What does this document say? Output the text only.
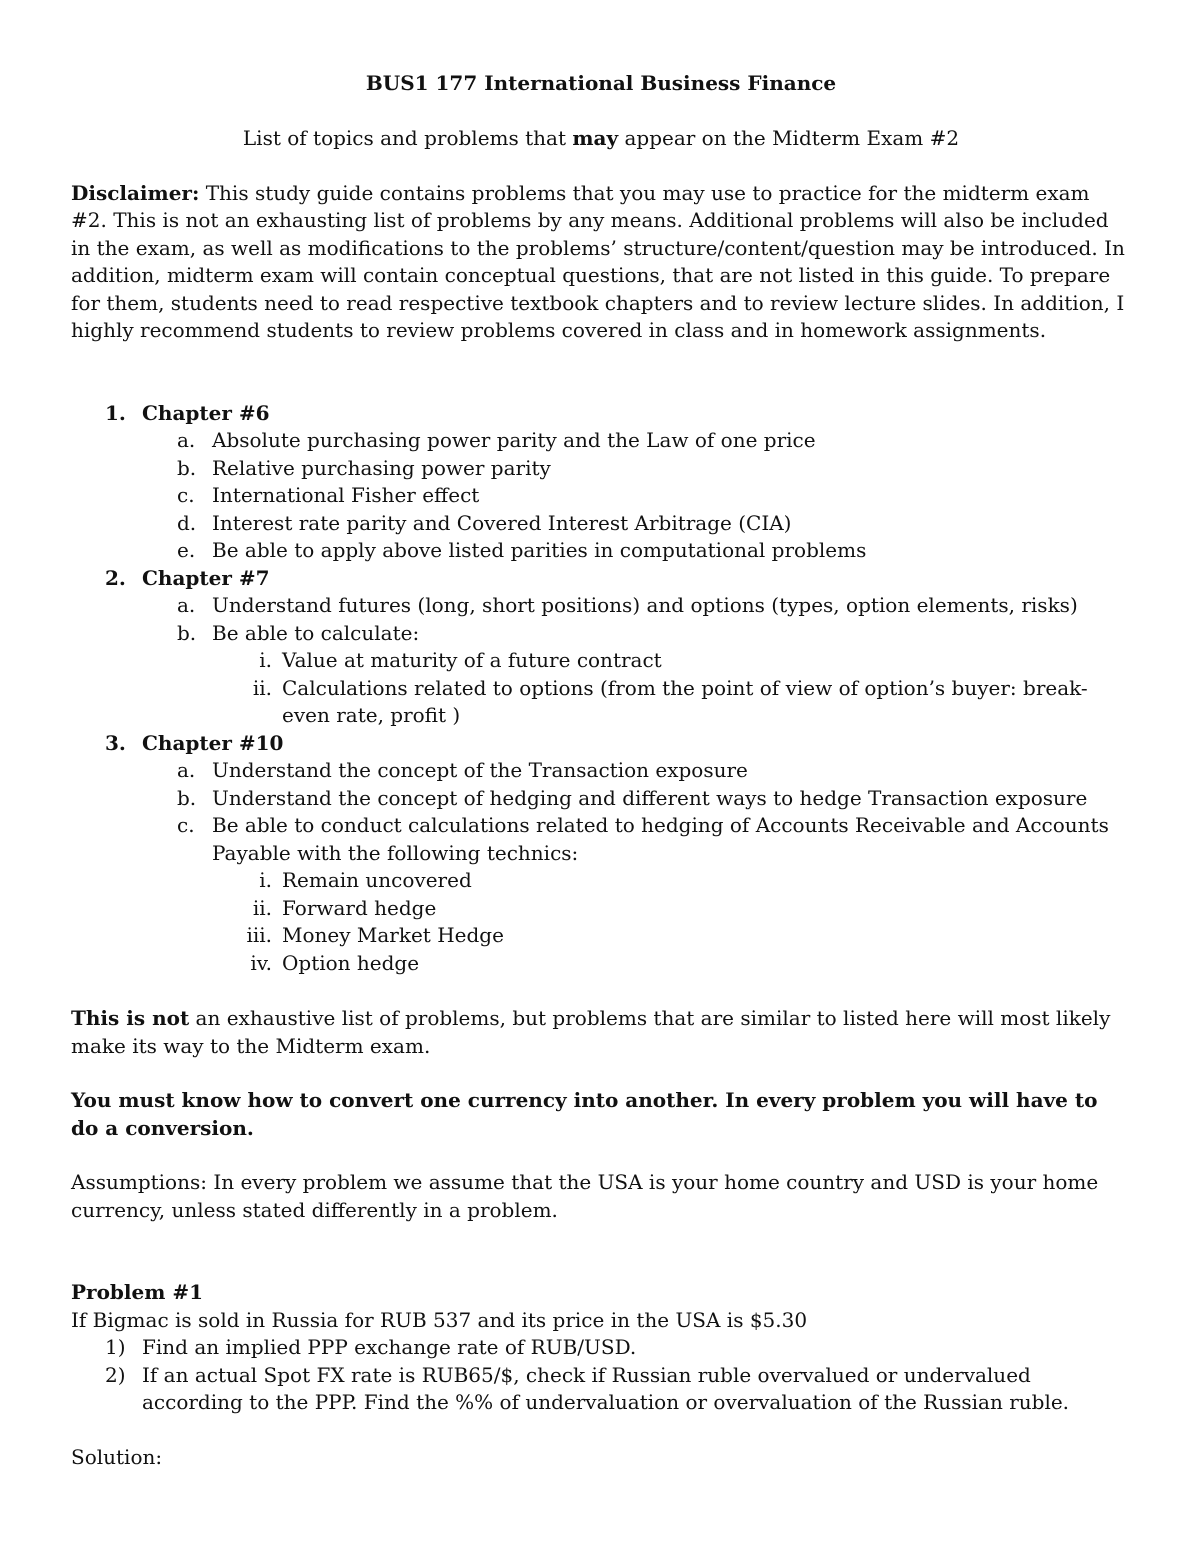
BUS1 177 International Business Finance

List of topics and problems that may appear on the Midterm Exam #2

Disclaimer: This study guide contains problems that you may use to practice for the midterm exam #2. This is not an exhausting list of problems by any means. Additional problems will also be included in the exam, as well as modifications to the problems’ structure/content/question may be introduced. In addition, midterm exam will contain conceptual questions, that are not listed in this guide. To prepare for them, students need to read respective textbook chapters and to review lecture slides. In addition, I highly recommend students to review problems covered in class and in homework assignments.

1. Chapter #6
a. Absolute purchasing power parity and the Law of one price
b. Relative purchasing power parity
c. International Fisher effect
d. Interest rate parity and Covered Interest Arbitrage (CIA)
e. Be able to apply above listed parities in computational problems
2. Chapter #7
a. Understand futures (long, short positions) and options (types, option elements, risks)
b. Be able to calculate:
i. Value at maturity of a future contract
ii. Calculations related to options (from the point of view of option’s buyer: break-even rate, profit )
3. Chapter #10
a. Understand the concept of the Transaction exposure
b. Understand the concept of hedging and different ways to hedge Transaction exposure
c. Be able to conduct calculations related to hedging of Accounts Receivable and Accounts Payable with the following technics:
i. Remain uncovered
ii. Forward hedge
iii. Money Market Hedge
iv. Option hedge

This is not an exhaustive list of problems, but problems that are similar to listed here will most likely make its way to the Midterm exam.

You must know how to convert one currency into another. In every problem you will have to do a conversion.

Assumptions: In every problem we assume that the USA is your home country and USD is your home currency, unless stated differently in a problem.

Problem #1

If Bigmac is sold in Russia for RUB 537 and its price in the USA is $5.30

1) Find an implied PPP exchange rate of RUB/USD.
2) If an actual Spot FX rate is RUB65/$, check if Russian ruble overvalued or undervalued according to the PPP. Find the %% of undervaluation or overvaluation of the Russian ruble.

Solution:
